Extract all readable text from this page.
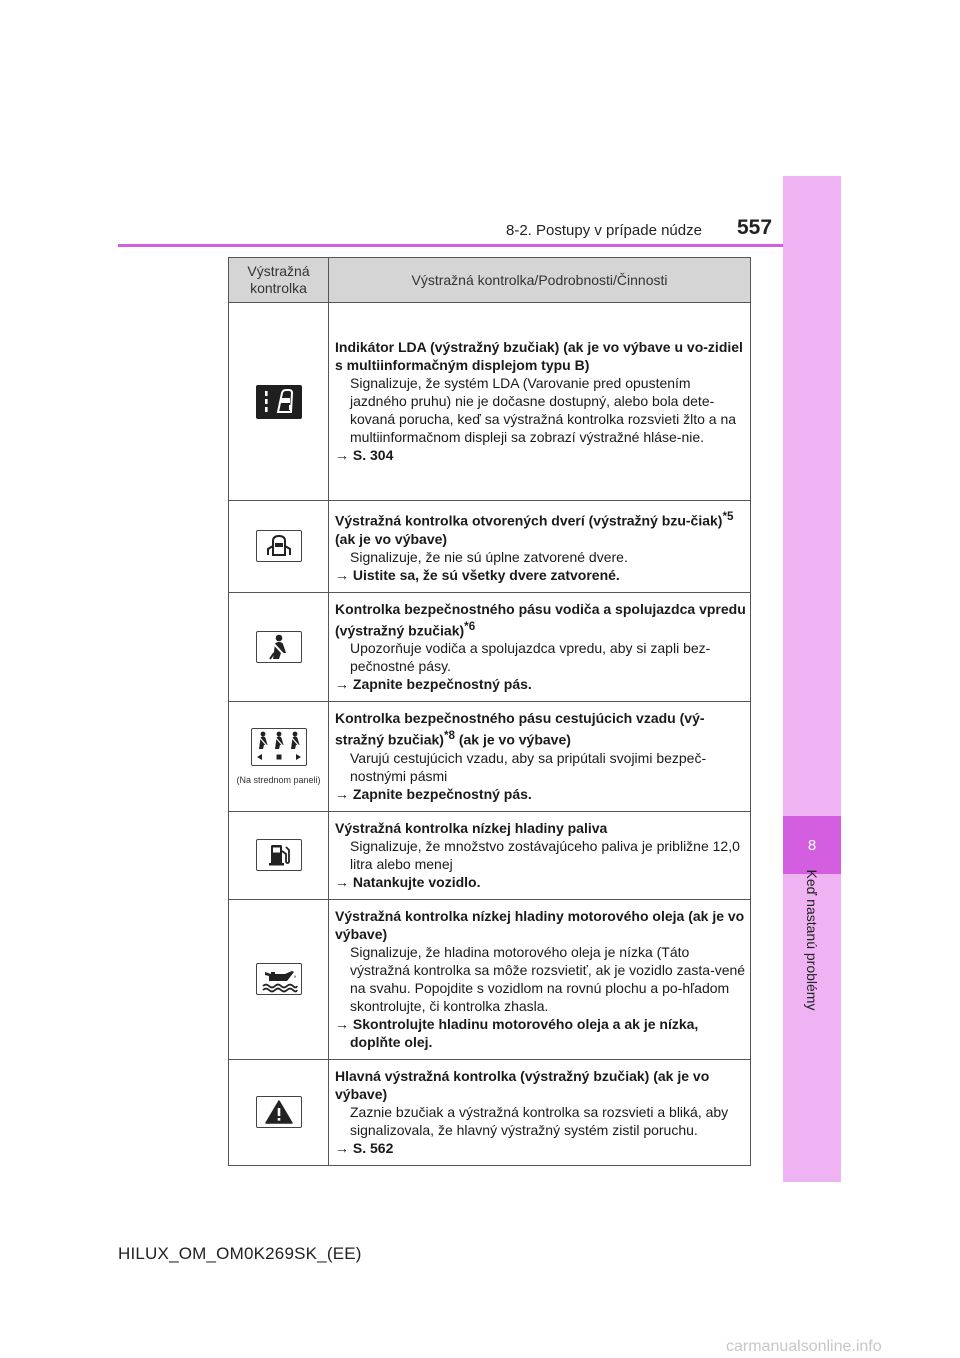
8
Keď nastanú problémy
8-2. Postupy v prípade núdze 557
Výstražná kontrolka	Výstražná kontrolka/Podrobnosti/Činnosti

Indikátor LDA (výstražný bzučiak) (ak je vo výbave u vo-zidiel s multiinformačným displejom typu B)
Signalizuje, že systém LDA (Varovanie pred opustením jazdného pruhu) nie je dočasne dostupný, alebo bola dete-kovaná porucha, keď sa výstražná kontrolka rozsvieti žlto a na multiinformačnom displeji sa zobrazí výstražné hláse-nie.
→ S. 304

Výstražná kontrolka otvorených dverí (výstražný bzu-čiak)$^{*5}$ (ak je vo výbave)
Signalizuje, že nie sú úplne zatvorené dvere.
→ Uistite sa, že sú všetky dvere zatvorené.

Kontrolka bezpečnostného pásu vodiča a spolujazdca vpredu (výstražný bzučiak)$^{*6}$
Upozorňuje vodiča a spolujazdca vpredu, aby si zapli bez-pečnostné pásy.
→ Zapnite bezpečnostný pás.

(Na strednom paneli)	Kontrolka bezpečnostného pásu cestujúcich vzadu (vý-stražný bzučiak)$^{*8}$ (ak je vo výbave)
Varujú cestujúcich vzadu, aby sa pripútali svojimi bezpeč-nostnými pásmi
→ Zapnite bezpečnostný pás.

Výstražná kontrolka nízkej hladiny paliva
Signalizuje, že množstvo zostávajúceho paliva je približne 12,0 litra alebo menej
→ Natankujte vozidlo.

Výstražná kontrolka nízkej hladiny motorového oleja (ak je vo výbave)
Signalizuje, že hladina motorového oleja je nízka (Táto výstražná kontrolka sa môže rozsvietiť, ak je vozidlo zasta-vené na svahu. Popojdite s vozidlom na rovnú plochu a po-hľadom skontrolujte, či kontrolka zhasla.
→ Skontrolujte hladinu motorového oleja a ak je nízka,
doplňte olej.

Hlavná výstražná kontrolka (výstražný bzučiak) (ak je vo výbave)
Zaznie bzučiak a výstražná kontrolka sa rozsvieti a bliká, aby signalizovala, že hlavný výstražný systém zistil poruchu.
→ S. 562
HILUX_OM_OM0K269SK_(EE)
carmanualsonline.info
